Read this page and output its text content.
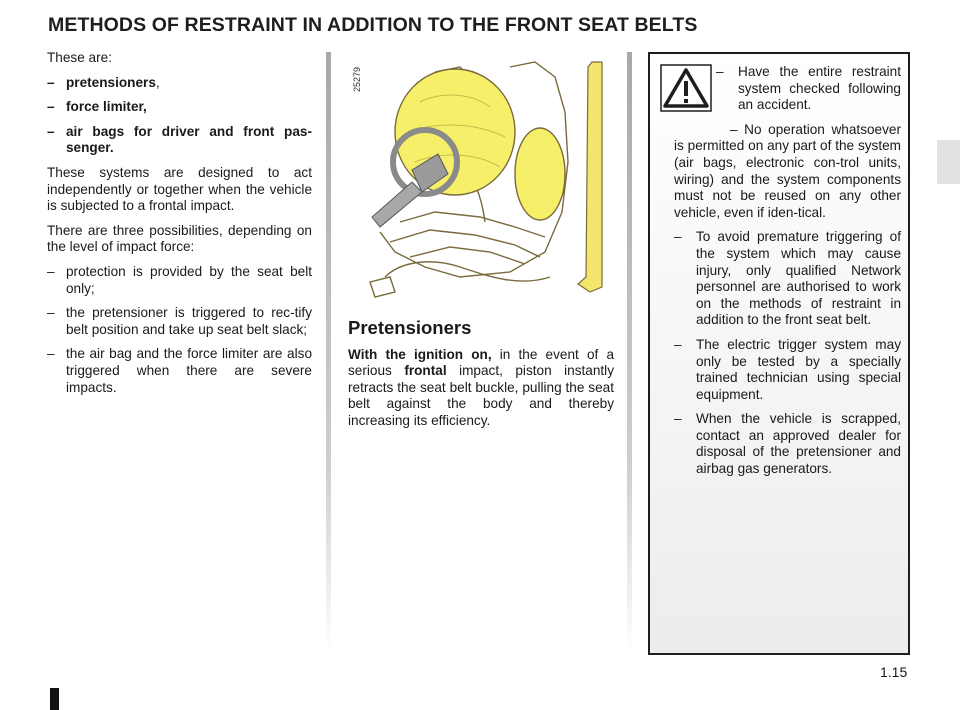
METHODS OF RESTRAINT IN ADDITION TO THE FRONT SEAT BELTS

These are:

– pretensioners,
– force limiter,
– air bags for driver and front pas-senger.

These systems are designed to act independently or together when the vehicle is subjected to a frontal impact.

There are three possibilities, depending on the level of impact force:

– protection is provided by the seat belt only;
– the pretensioner is triggered to rec-tify belt position and take up seat belt slack;
– the air bag and the force limiter are also triggered when there are severe impacts.
25279
Pretensioners

With the ignition on, in the event of a serious frontal impact, piston instantly retracts the seat belt buckle, pulling the seat belt against the body and thereby increasing its efficiency.

– Have the entire restraint system checked following an accident.

– No operation whatsoever is permitted on any part of the system (air bags, electronic con-trol units, wiring) and the system components must not be reused on any other vehicle, even if iden-tical.

– To avoid premature triggering of the system which may cause injury, only qualified Network personnel are authorised to work on the methods of restraint in addition to the front seat belt.
– The electric trigger system may only be tested by a specially trained technician using special equipment.
– When the vehicle is scrapped, contact an approved dealer for disposal of the pretensioner and airbag gas generators.
1.15
